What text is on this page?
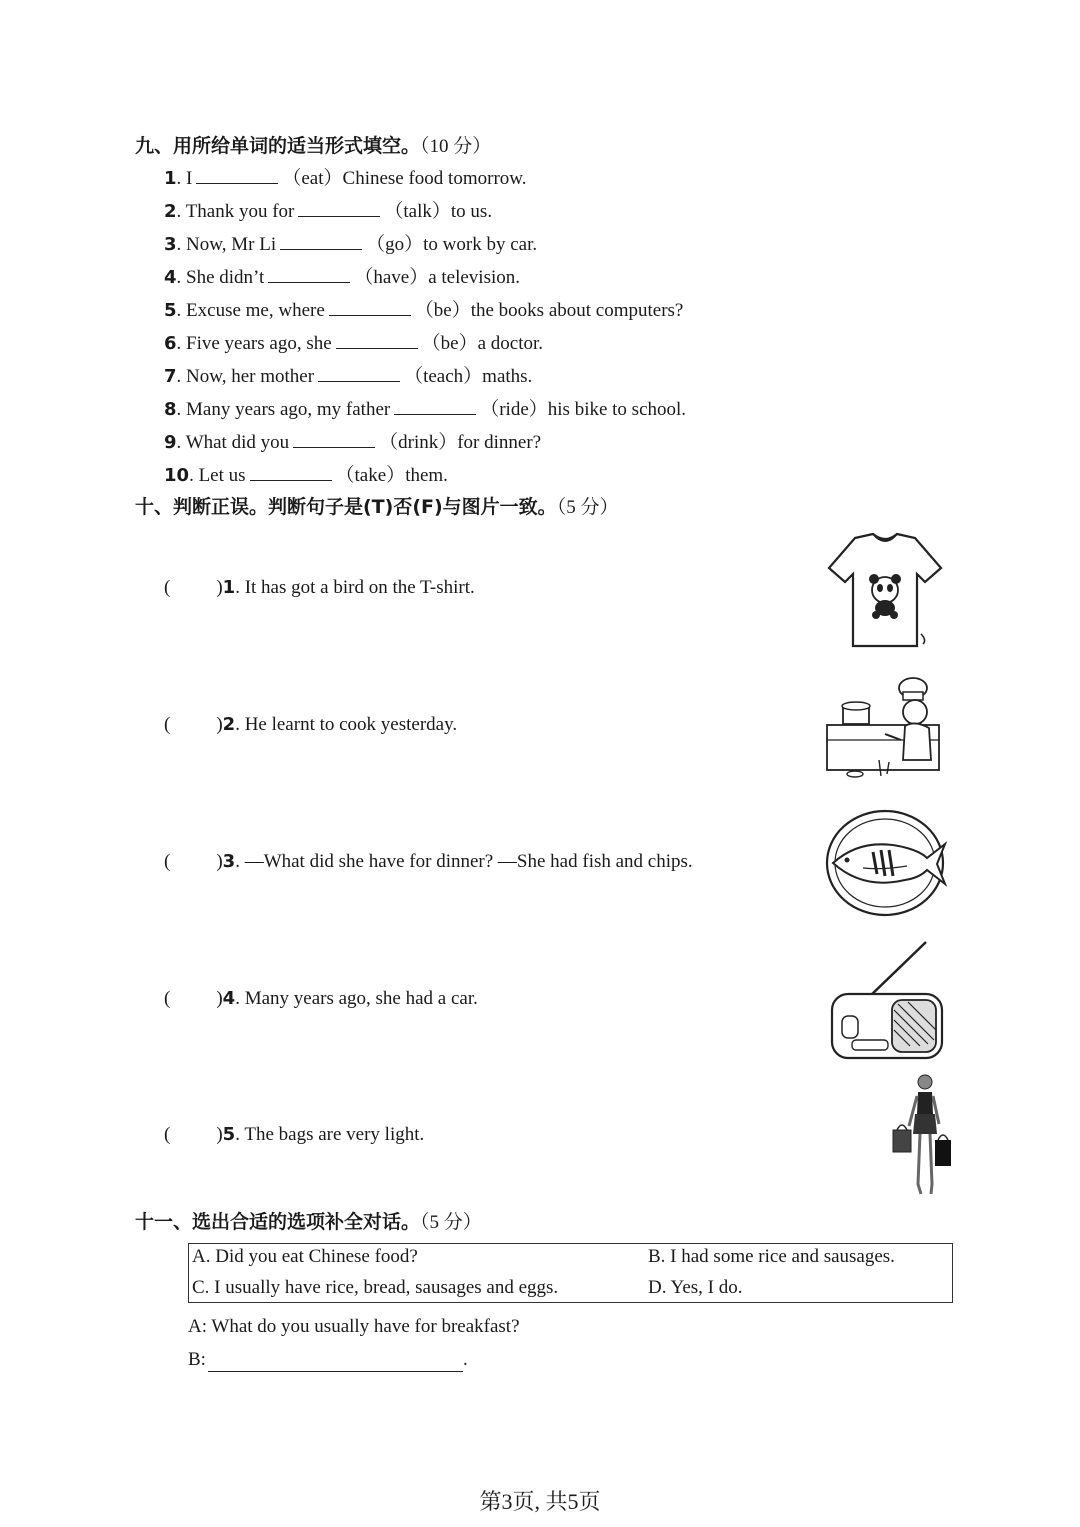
九、用所给单词的适当形式填空。（10 分）
1. I	（eat）Chinese food tomorrow.
2. Thank you for	（talk）to us.
3. Now, Mr Li	（go）to work by car.
4. She didn’t	（have）a television.
5. Excuse me, where	（be）the books about computers?
6. Five years ago, she	（be）a doctor.
7. Now, her mother	（teach）maths.
8. Many years ago, my father	（ride）his bike to school.
9. What did you	（drink）for dinner?
10. Let us	（take）them.
十、判断正误。判断句子是(T)否(F)与图片一致。（5 分）
( )1. It has got a bird on the T-shirt.
( )2. He learnt to cook yesterday.
( )3. —What did she have for dinner? —She had fish and chips.
( )4. Many years ago, she had a car.
( )5. The bags are very light.
十一、选出合适的选项补全对话。（5 分）
A. Did you eat Chinese food?	B. I had some rice and sausages.
C. I usually have rice, bread, sausages and eggs.	D. Yes, I do.
A: What do you usually have for breakfast?
B:	.
第3页, 共5页
